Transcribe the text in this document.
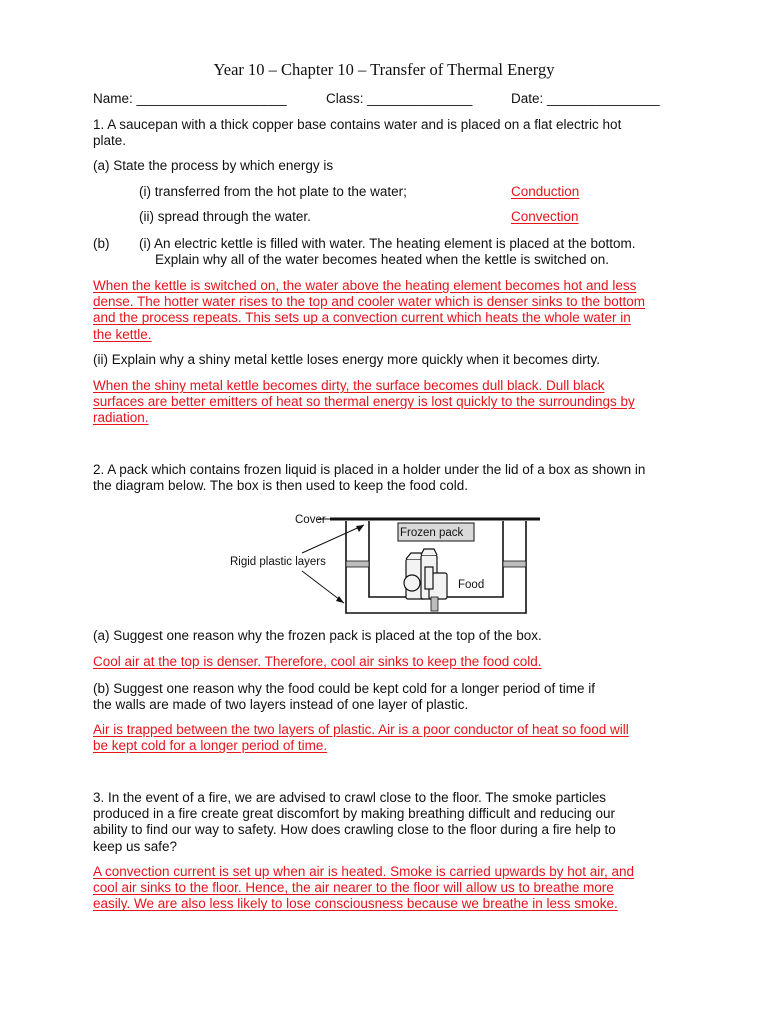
Year 10 – Chapter 10 – Transfer of Thermal Energy
Name: ____________________	Class: ______________	Date: _______________
1. A saucepan with a thick copper base contains water and is placed on a flat electric hot
plate.
(a) State the process by which energy is
(i) transferred from the hot plate to the water;	Conduction
(ii) spread through the water.	Convection
(b) (i) An electric kettle is filled with water. The heating element is placed at the bottom.
Explain why all of the water becomes heated when the kettle is switched on.
When the kettle is switched on, the water above the heating element becomes hot and less
dense. The hotter water rises to the top and cooler water which is denser sinks to the bottom
and the process repeats. This sets up a convection current which heats the whole water in
the kettle.
(ii) Explain why a shiny metal kettle loses energy more quickly when it becomes dirty.
When the shiny metal kettle becomes dirty, the surface becomes dull black. Dull black
surfaces are better emitters of heat so thermal energy is lost quickly to the surroundings by
radiation.
2. A pack which contains frozen liquid is placed in a holder under the lid of a box as shown in
the diagram below. The box is then used to keep the food cold.
Cover
Frozen pack
Food
Rigid plastic layers
(a) Suggest one reason why the frozen pack is placed at the top of the box.
Cool air at the top is denser. Therefore, cool air sinks to keep the food cold.
(b) Suggest one reason why the food could be kept cold for a longer period of time if
the walls are made of two layers instead of one layer of plastic.
Air is trapped between the two layers of plastic. Air is a poor conductor of heat so food will
be kept cold for a longer period of time.
3. In the event of a fire, we are advised to crawl close to the floor. The smoke particles
produced in a fire create great discomfort by making breathing difficult and reducing our
ability to find our way to safety. How does crawling close to the floor during a fire help to
keep us safe?
A convection current is set up when air is heated. Smoke is carried upwards by hot air, and
cool air sinks to the floor. Hence, the air nearer to the floor will allow us to breathe more
easily. We are also less likely to lose consciousness because we breathe in less smoke.
